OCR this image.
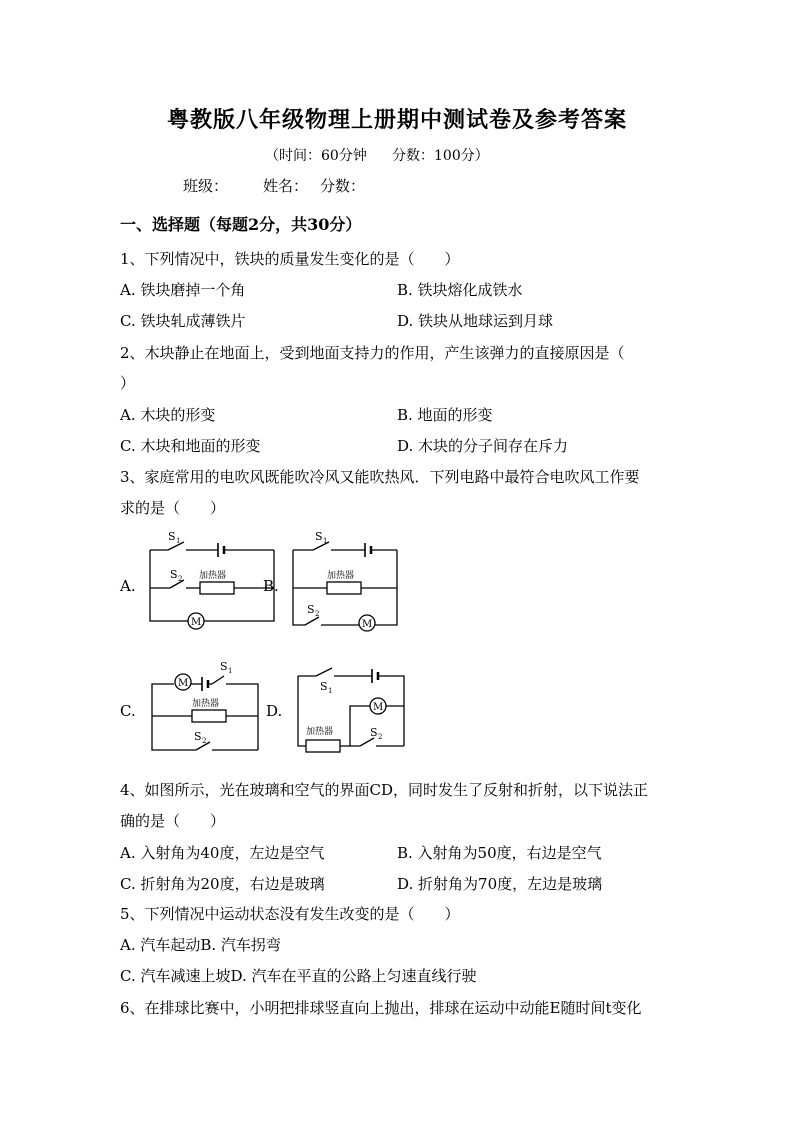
粤教版八年级物理上册期中测试卷及参考答案
（时间：60分钟 分数：100分）
班级： 姓名： 分数：
一、选择题（每题2分，共30分）
1、下列情况中，铁块的质量发生变化的是（　　）
A. 铁块磨掉一个角	B. 铁块熔化成铁水
C. 铁块轧成薄铁片	D. 铁块从地球运到月球
2、木块静止在地面上，受到地面支持力的作用，产生该弹力的直接原因是（
）
A. 木块的形变	B. 地面的形变
C. 木块和地面的形变	D. 木块的分子间存在斥力
3、家庭常用的电吹风既能吹冷风又能吹热风．下列电路中最符合电吹风工作要
求的是（　　）
A.	B.
C.	D.
S 1
S 2 加热器
M
S 1
S 2
加热器
M
S 1
S 2
加热器
M	S 1
S 2
加热器
M
4、如图所示，光在玻璃和空气的界面CD，同时发生了反射和折射，以下说法正
确的是（　　）
A. 入射角为40度，左边是空气	B. 入射角为50度，右边是空气
C. 折射角为20度，右边是玻璃	D. 折射角为70度，左边是玻璃
5、下列情况中运动状态没有发生改变的是（　　）
A. 汽车起动B. 汽车拐弯
C. 汽车减速上坡D. 汽车在平直的公路上匀速直线行驶
6、在排球比赛中，小明把排球竖直向上抛出，排球在运动中动能E随时间t变化
